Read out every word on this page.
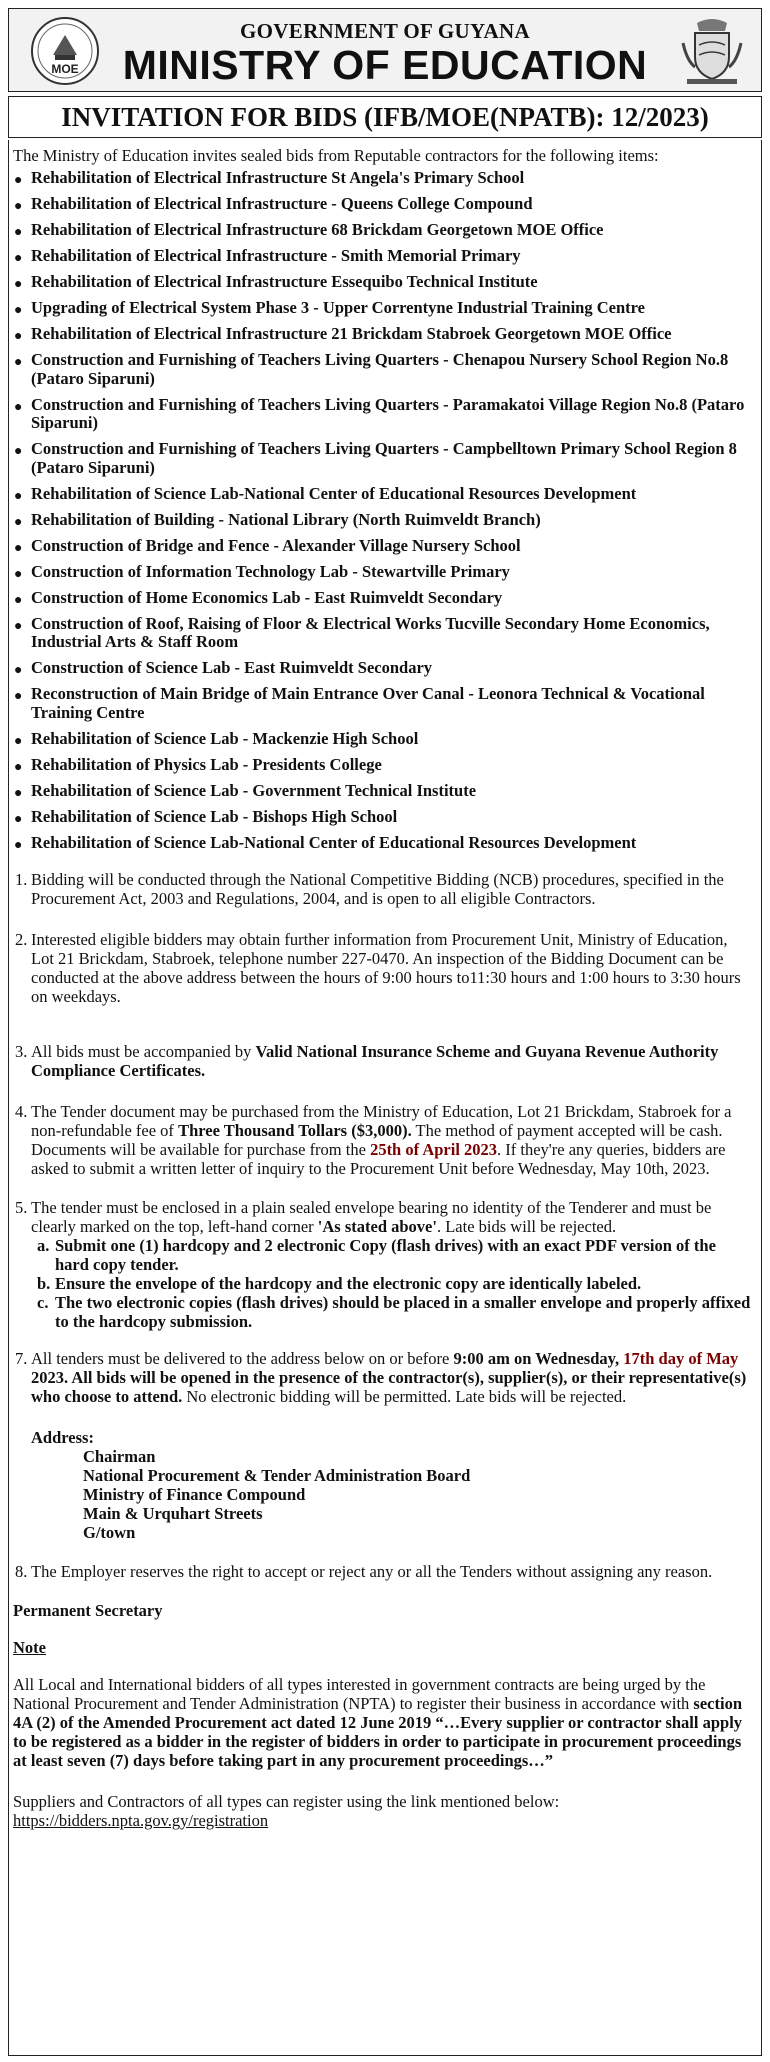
MOE
GOVERNMENT OF GUYANA
MINISTRY OF EDUCATION
INVITATION FOR BIDS (IFB/MOE(NPATB): 12/2023)

The Ministry of Education invites sealed bids from Reputable contractors for the following items:

● Rehabilitation of Electrical Infrastructure St Angela's Primary School
● Rehabilitation of Electrical Infrastructure - Queens College Compound
● Rehabilitation of Electrical Infrastructure 68 Brickdam Georgetown MOE Office
● Rehabilitation of Electrical Infrastructure - Smith Memorial Primary
● Rehabilitation of Electrical Infrastructure Essequibo Technical Institute
● Upgrading of Electrical System Phase 3 - Upper Correntyne Industrial Training Centre
● Rehabilitation of Electrical Infrastructure 21 Brickdam Stabroek Georgetown MOE Office
● Construction and Furnishing of Teachers Living Quarters - Chenapou Nursery School Region No.8 (Pataro Siparuni)
● Construction and Furnishing of Teachers Living Quarters - Paramakatoi Village Region No.8 (Pataro Siparuni)
● Construction and Furnishing of Teachers Living Quarters - Campbelltown Primary School Region 8 (Pataro Siparuni)
● Rehabilitation of Science Lab-National Center of Educational Resources Development
● Rehabilitation of Building - National Library (North Ruimveldt Branch)
● Construction of Bridge and Fence - Alexander Village Nursery School
● Construction of Information Technology Lab - Stewartville Primary
● Construction of Home Economics Lab - East Ruimveldt Secondary
● Construction of Roof, Raising of Floor & Electrical Works Tucville Secondary Home Economics, Industrial Arts & Staff Room
● Construction of Science Lab - East Ruimveldt Secondary
● Reconstruction of Main Bridge of Main Entrance Over Canal - Leonora Technical & Vocational Training Centre
● Rehabilitation of Science Lab - Mackenzie High School
● Rehabilitation of Physics Lab - Presidents College
● Rehabilitation of Science Lab - Government Technical Institute
● Rehabilitation of Science Lab - Bishops High School
● Rehabilitation of Science Lab-National Center of Educational Resources Development
1. Bidding will be conducted through the National Competitive Bidding (NCB) procedures, specified in the Procurement Act, 2003 and Regulations, 2004, and is open to all eligible Contractors.
2. Interested eligible bidders may obtain further information from Procurement Unit, Ministry of Education, Lot 21 Brickdam, Stabroek, telephone number 227-0470. An inspection of the Bidding Document can be conducted at the above address between the hours of 9:00 hours to11:30 hours and 1:00 hours to 3:30 hours on weekdays.
3. All bids must be accompanied by Valid National Insurance Scheme and Guyana Revenue Authority Compliance Certificates.
4. The Tender document may be purchased from the Ministry of Education, Lot 21 Brickdam, Stabroek for a non-refundable fee of Three Thousand Tollars ($3,000). The method of payment accepted will be cash. Documents will be available for purchase from the 25th of April 2023. If they're any queries, bidders are asked to submit a written letter of inquiry to the Procurement Unit before Wednesday, May 10th, 2023.
5. The tender must be enclosed in a plain sealed envelope bearing no identity of the Tenderer and must be clearly marked on the top, left-hand corner 'As stated above'. Late bids will be rejected.
a. Submit one (1) hardcopy and 2 electronic Copy (flash drives) with an exact PDF version of the hard copy tender.
b. Ensure the envelope of the hardcopy and the electronic copy are identically labeled.
c. The two electronic copies (flash drives) should be placed in a smaller envelope and properly affixed to the hardcopy submission.
7. All tenders must be delivered to the address below on or before 9:00 am on Wednesday, 17th day of May 2023. All bids will be opened in the presence of the contractor(s), supplier(s), or their representative(s) who choose to attend. No electronic bidding will be permitted. Late bids will be rejected.
Address:
Chairman
National Procurement & Tender Administration Board
Ministry of Finance Compound
Main & Urquhart Streets
G/town
8. The Employer reserves the right to accept or reject any or all the Tenders without assigning any reason.
Permanent Secretary
Note

All Local and International bidders of all types interested in government contracts are being urged by the National Procurement and Tender Administration (NPTA) to register their business in accordance with section 4A (2) of the Amended Procurement act dated 12 June 2019 “…Every supplier or contractor shall apply to be registered as a bidder in the register of bidders in order to participate in procurement proceedings at least seven (7) days before taking part in any procurement proceedings…”

Suppliers and Contractors of all types can register using the link mentioned below:
https://bidders.npta.gov.gy/registration
